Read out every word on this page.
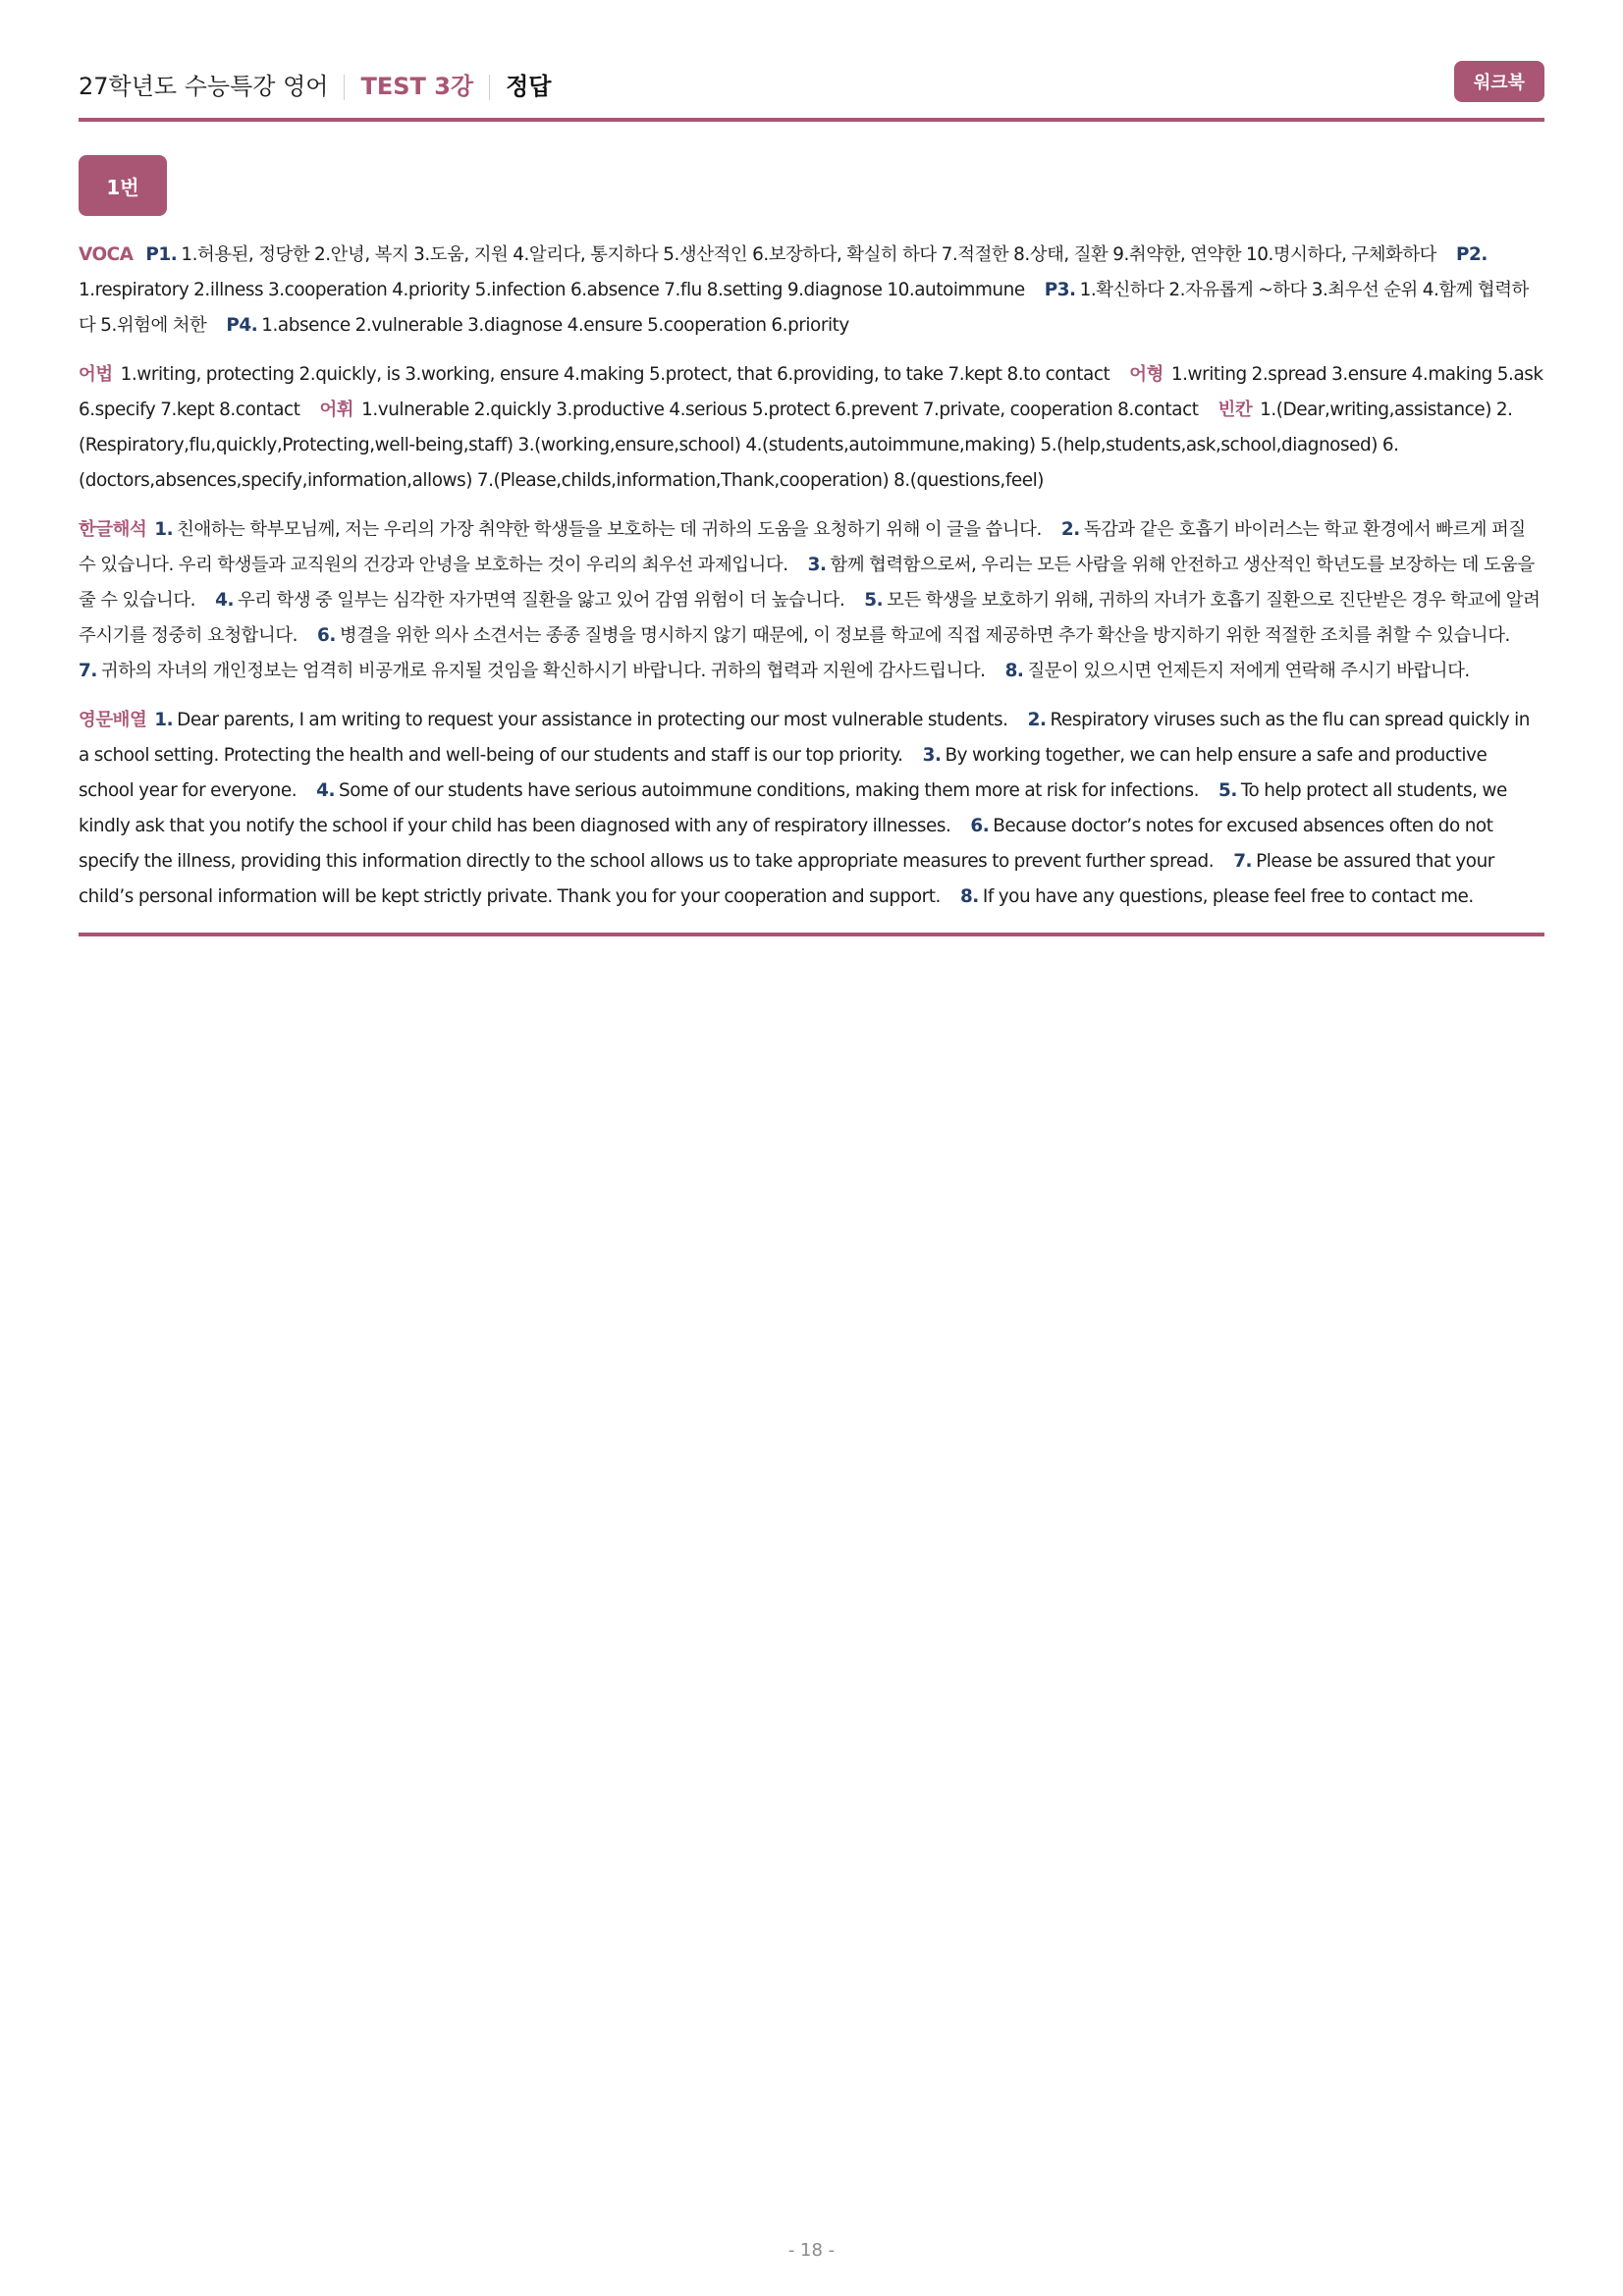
27학년도 수능특강 영어 TEST 3강 정답	워크북
1번

VOCA P1. 1.허용된, 정당한 2.안녕, 복지 3.도움, 지원 4.알리다, 통지하다 5.생산적인 6.보장하다, 확실히 하다 7.적절한 8.상태, 질환 9.취약한, 연약한 10.명시하다, 구체화하다 P2. 1.respiratory 2.illness 3.cooperation 4.priority 5.infection 6.absence 7.flu 8.setting 9.diagnose 10.autoimmune P3. 1.확신하다 2.자유롭게 ~하다 3.최우선 순위 4.함께 협력하다 5.위험에 처한 P4. 1.absence 2.vulnerable 3.diagnose 4.ensure 5.cooperation 6.priority

어법 1.writing, protecting 2.quickly, is 3.working, ensure 4.making 5.protect, that 6.providing, to take 7.kept 8.to contact 어형 1.writing 2.spread 3.ensure 4.making 5.ask 6.specify 7.kept 8.contact 어휘 1.vulnerable 2.quickly 3.productive 4.serious 5.protect 6.prevent 7.private, cooperation 8.contact 빈칸 1.(Dear,writing,assistance) 2.(Respiratory,flu,quickly,Protecting,well-being,staff) 3.(working,ensure,school) 4.(students,autoimmune,making) 5.(help,students,ask,school,diagnosed) 6.(doctors,absences,specify,information,allows) 7.(Please,childs,information,Thank,cooperation) 8.(questions,feel)

한글해석 1. 친애하는 학부모님께, 저는 우리의 가장 취약한 학생들을 보호하는 데 귀하의 도움을 요청하기 위해 이 글을 씁니다. 2. 독감과 같은 호흡기 바이러스는 학교 환경에서 빠르게 퍼질 수 있습니다. 우리 학생들과 교직원의 건강과 안녕을 보호하는 것이 우리의 최우선 과제입니다. 3. 함께 협력함으로써, 우리는 모든 사람을 위해 안전하고 생산적인 학년도를 보장하는 데 도움을 줄 수 있습니다. 4. 우리 학생 중 일부는 심각한 자가면역 질환을 앓고 있어 감염 위험이 더 높습니다. 5. 모든 학생을 보호하기 위해, 귀하의 자녀가 호흡기 질환으로 진단받은 경우 학교에 알려주시기를 정중히 요청합니다. 6. 병결을 위한 의사 소견서는 종종 질병을 명시하지 않기 때문에, 이 정보를 학교에 직접 제공하면 추가 확산을 방지하기 위한 적절한 조치를 취할 수 있습니다.7. 귀하의 자녀의 개인정보는 엄격히 비공개로 유지될 것임을 확신하시기 바랍니다. 귀하의 협력과 지원에 감사드립니다. 8. 질문이 있으시면 언제든지 저에게 연락해 주시기 바랍니다.

영문배열 1. Dear parents, I am writing to request your assistance in protecting our most vulnerable students. 2. Respiratory viruses such as the flu can spread quickly in a school setting. Protecting the health and well-being of our students and staff is our top priority. 3. By working together, we can help ensure a safe and productive school year for everyone. 4. Some of our students have serious autoimmune conditions, making them more at risk for infections. 5. To help protect all students, we kindly ask that you notify the school if your child has been diagnosed with any of respiratory illnesses. 6. Because doctor’s notes for excused absences often do not specify the illness, providing this information directly to the school allows us to take appropriate measures to prevent further spread. 7. Please be assured that your child’s personal information will be kept strictly private. Thank you for your cooperation and support. 8. If you have any questions, please feel free to contact me.

- 18 -
